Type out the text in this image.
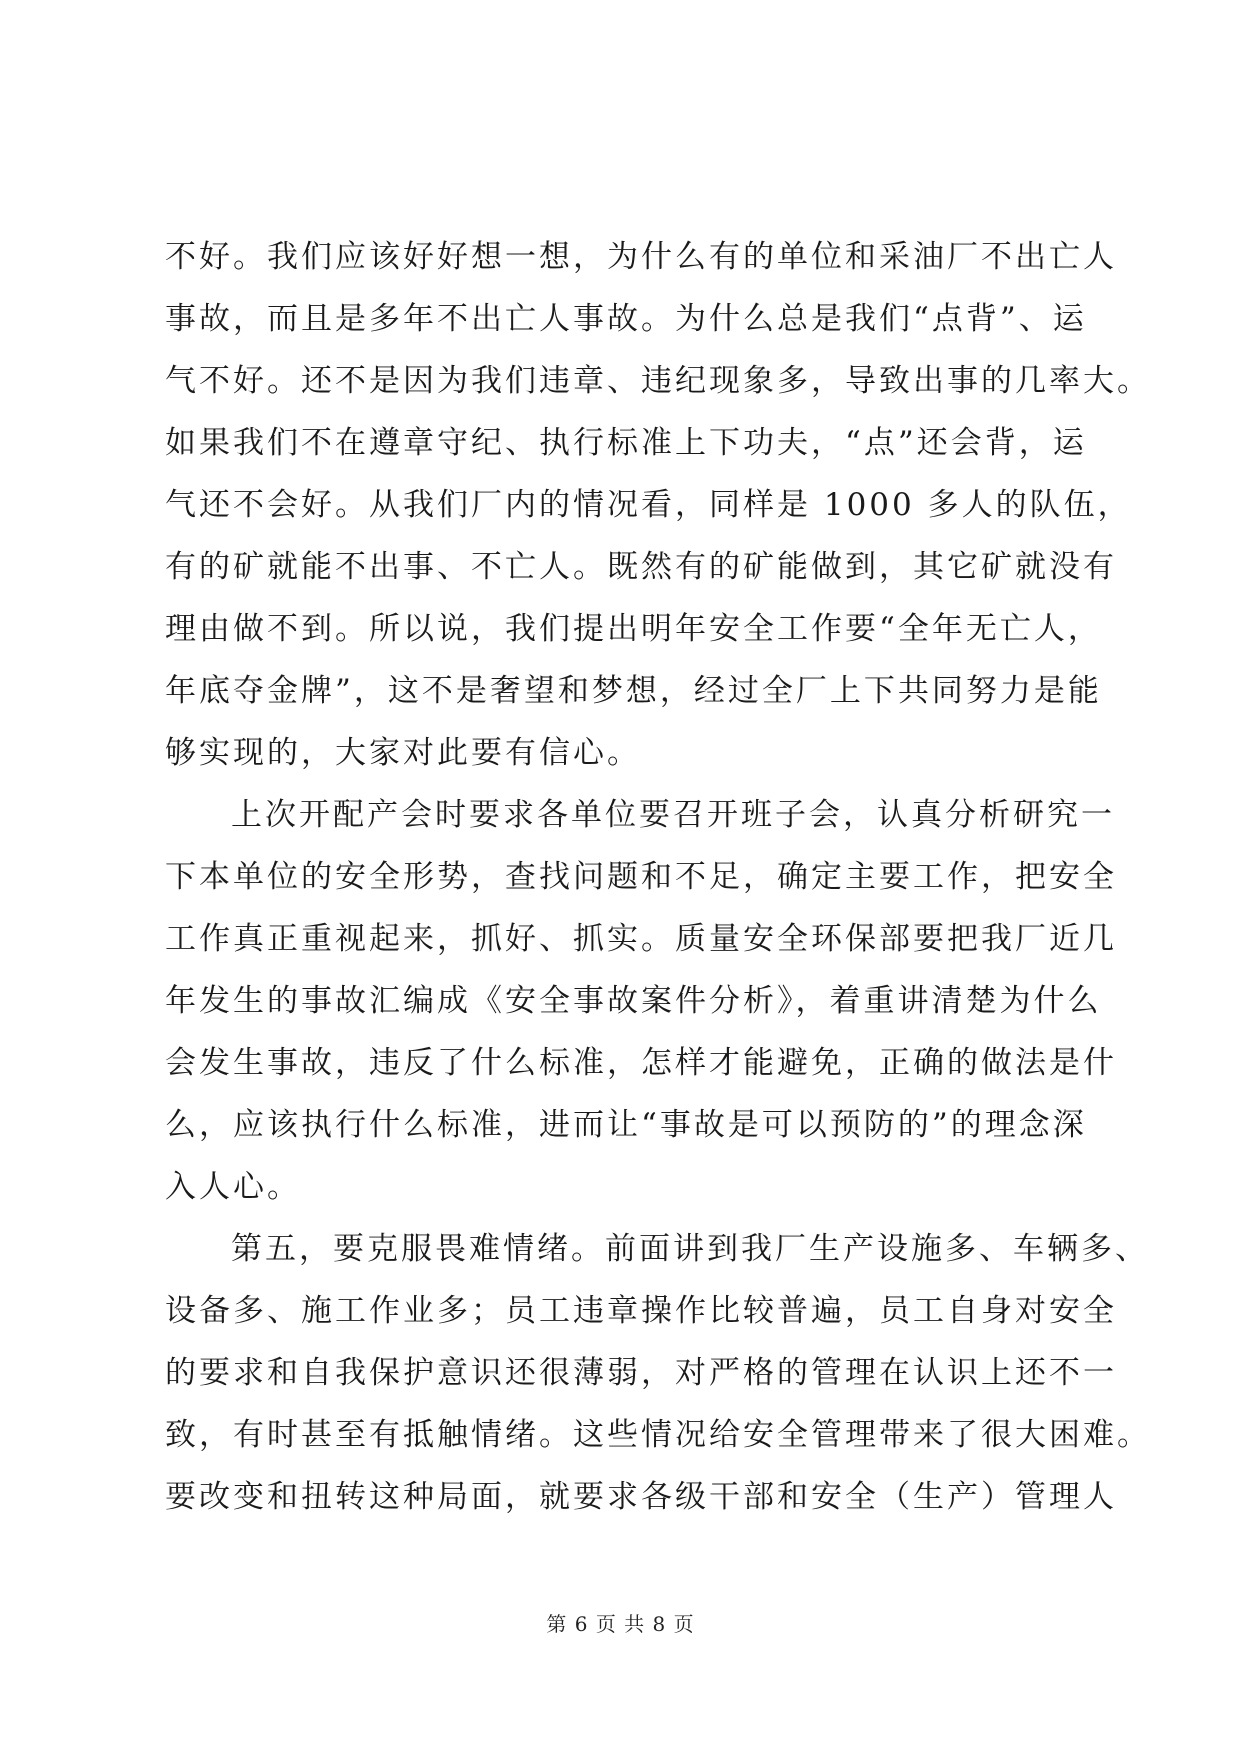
不好。我们应该好好想一想，为什么有的单位和采油厂不出亡人
事故，而且是多年不出亡人事故。为什么总是我们“点背”、运
气不好。还不是因为我们违章、违纪现象多，导致出事的几率大。
如果我们不在遵章守纪、执行标准上下功夫，“点”还会背，运
气还不会好。从我们厂内的情况看，同样是 1000 多人的队伍，
有的矿就能不出事、不亡人。既然有的矿能做到，其它矿就没有
理由做不到。所以说，我们提出明年安全工作要“全年无亡人，
年底夺金牌”，这不是奢望和梦想，经过全厂上下共同努力是能
够实现的，大家对此要有信心。
上次开配产会时要求各单位要召开班子会，认真分析研究一
下本单位的安全形势，查找问题和不足，确定主要工作，把安全
工作真正重视起来，抓好、抓实。质量安全环保部要把我厂近几
年发生的事故汇编成《安全事故案件分析》，着重讲清楚为什么
会发生事故，违反了什么标准，怎样才能避免，正确的做法是什
么，应该执行什么标准，进而让“事故是可以预防的”的理念深
入人心。
第五，要克服畏难情绪。前面讲到我厂生产设施多、车辆多、
设备多、施工作业多；员工违章操作比较普遍，员工自身对安全
的要求和自我保护意识还很薄弱，对严格的管理在认识上还不一
致，有时甚至有抵触情绪。这些情况给安全管理带来了很大困难。
要改变和扭转这种局面，就要求各级干部和安全（生产）管理人
第 6 页 共 8 页
